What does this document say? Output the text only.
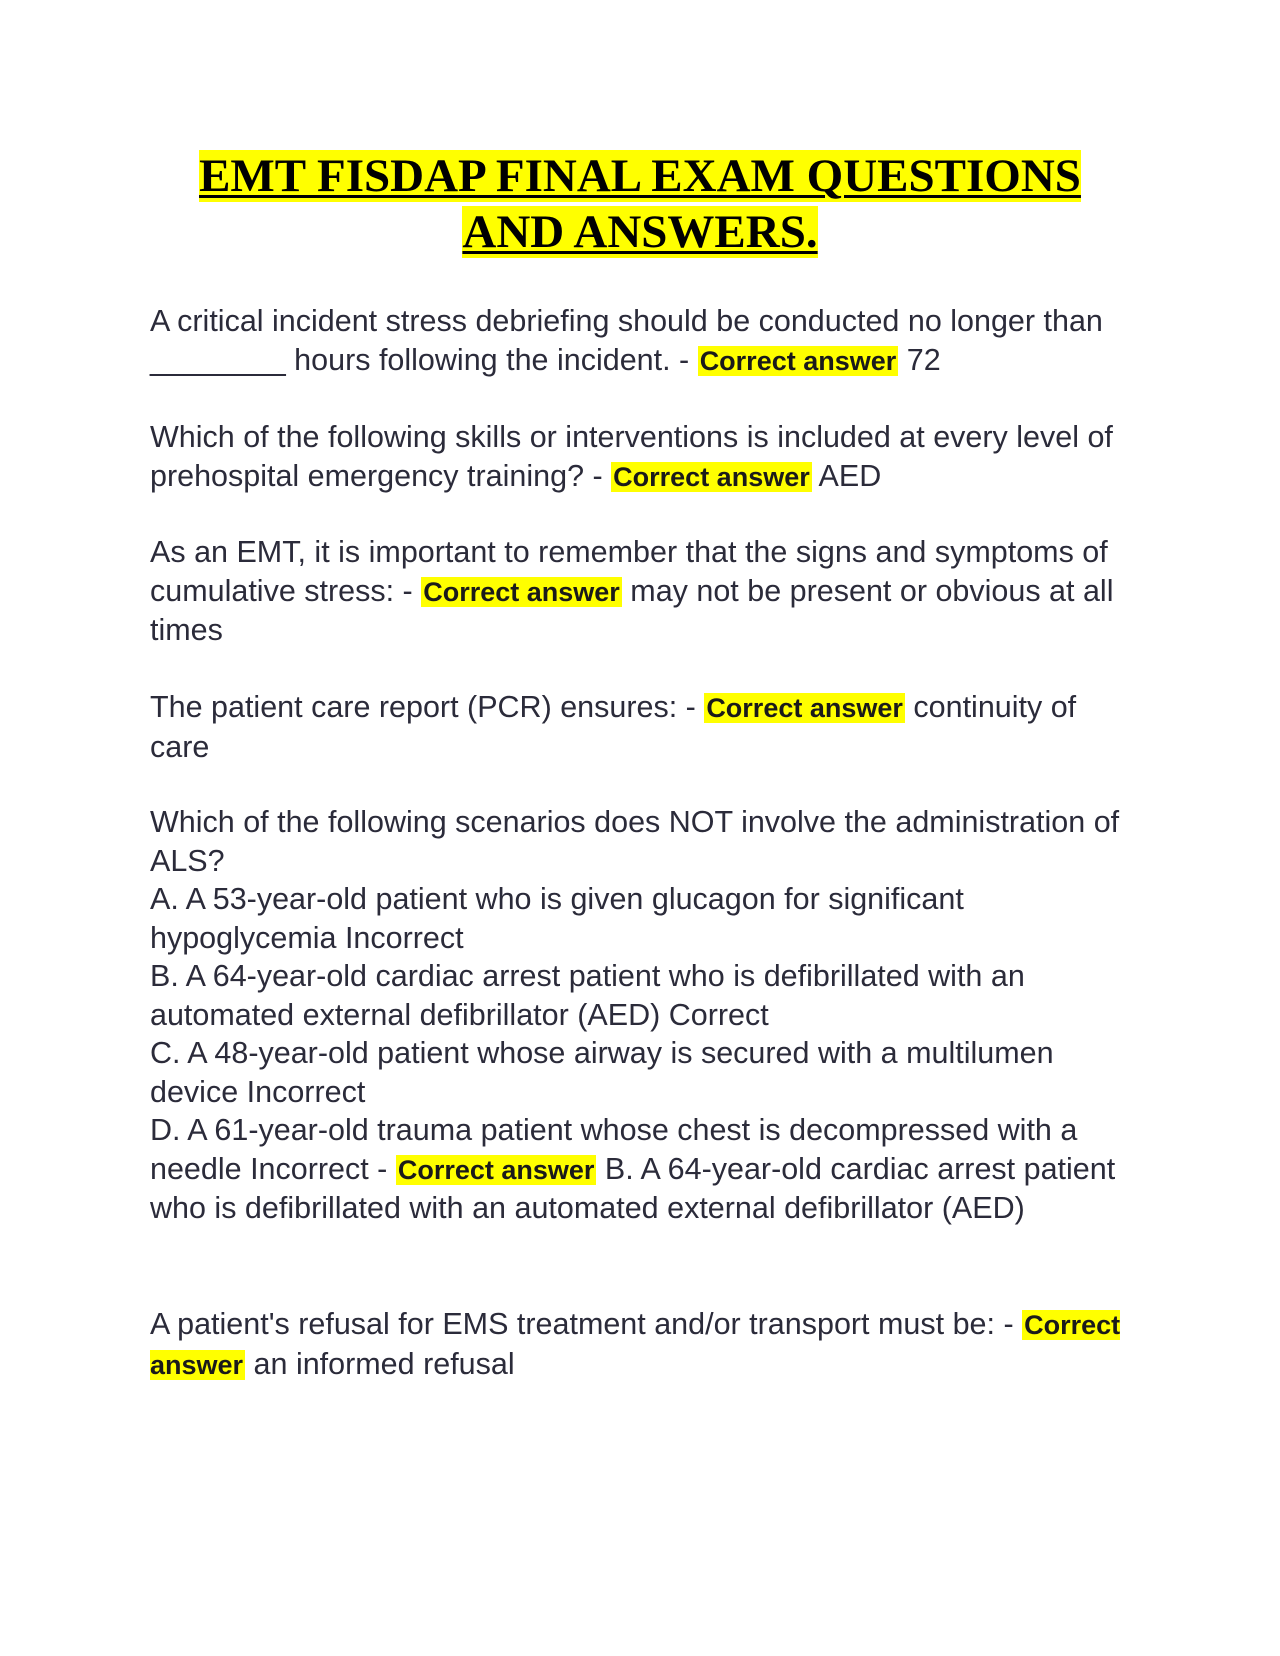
EMT FISDAP FINAL EXAM QUESTIONS
AND ANSWERS.

A critical incident stress debriefing should be conducted no longer than ________ hours following the incident. - Correct answer 72

Which of the following skills or interventions is included at every level of prehospital emergency training? - Correct answer AED

As an EMT, it is important to remember that the signs and symptoms of cumulative stress: - Correct answer may not be present or obvious at all times

The patient care report (PCR) ensures: - Correct answer continuity of care

Which of the following scenarios does NOT involve the administration of ALS?
A. A 53-year-old patient who is given glucagon for significant hypoglycemia Incorrect
B. A 64-year-old cardiac arrest patient who is defibrillated with an automated external defibrillator (AED) Correct
C. A 48-year-old patient whose airway is secured with a multilumen device Incorrect
D. A 61-year-old trauma patient whose chest is decompressed with a needle Incorrect - Correct answer B. A 64-year-old cardiac arrest patient who is defibrillated with an automated external defibrillator (AED)

A patient's refusal for EMS treatment and/or transport must be: - Correct answer an informed refusal
